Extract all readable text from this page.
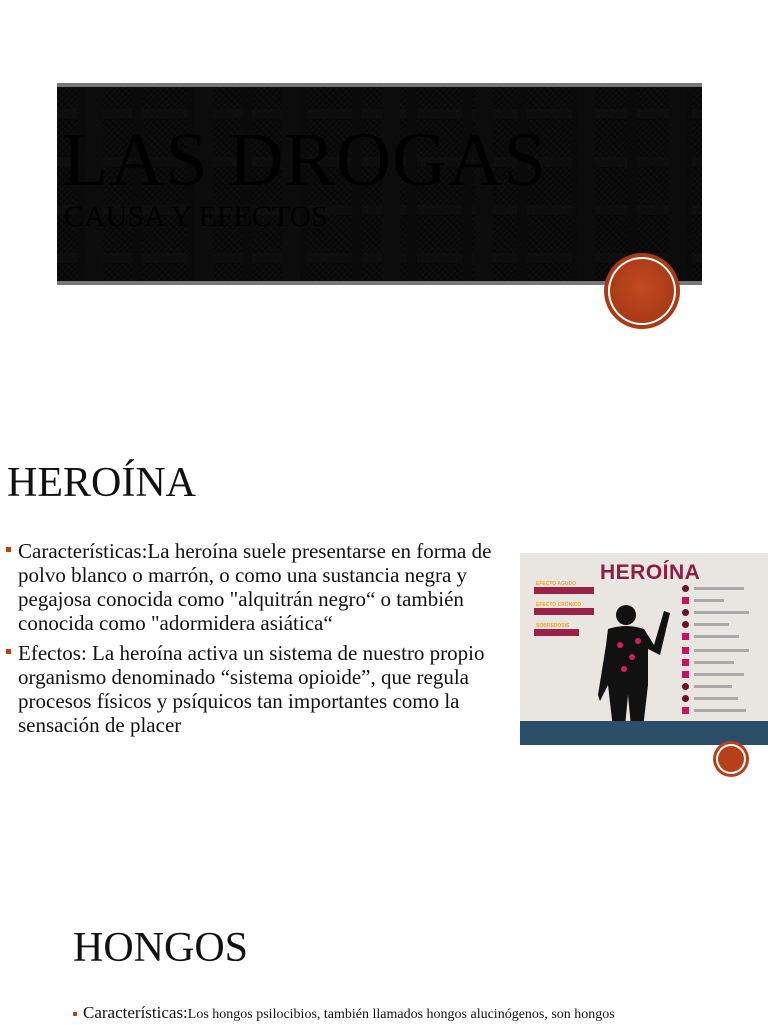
LAS DROGAS
CAUSA Y EFECTOS
HEROÍNA
Características:La heroína suele presentarse en forma de polvo blanco o marrón, o como una sustancia negra y pegajosa conocida como "alquitrán negro“ o también conocida como "adormidera asiática“
Efectos: La heroína activa un sistema de nuestro propio organismo denominado “sistema opioide”, que regula procesos físicos y psíquicos tan importantes como la sensación de placer
HEROÍNA
EFECTO AGUDO
EFECTO CRÓNICO
SOBREDOSIS
HONGOS
Características:Los hongos psilocibios, también llamados hongos alucinógenos, son hongos
